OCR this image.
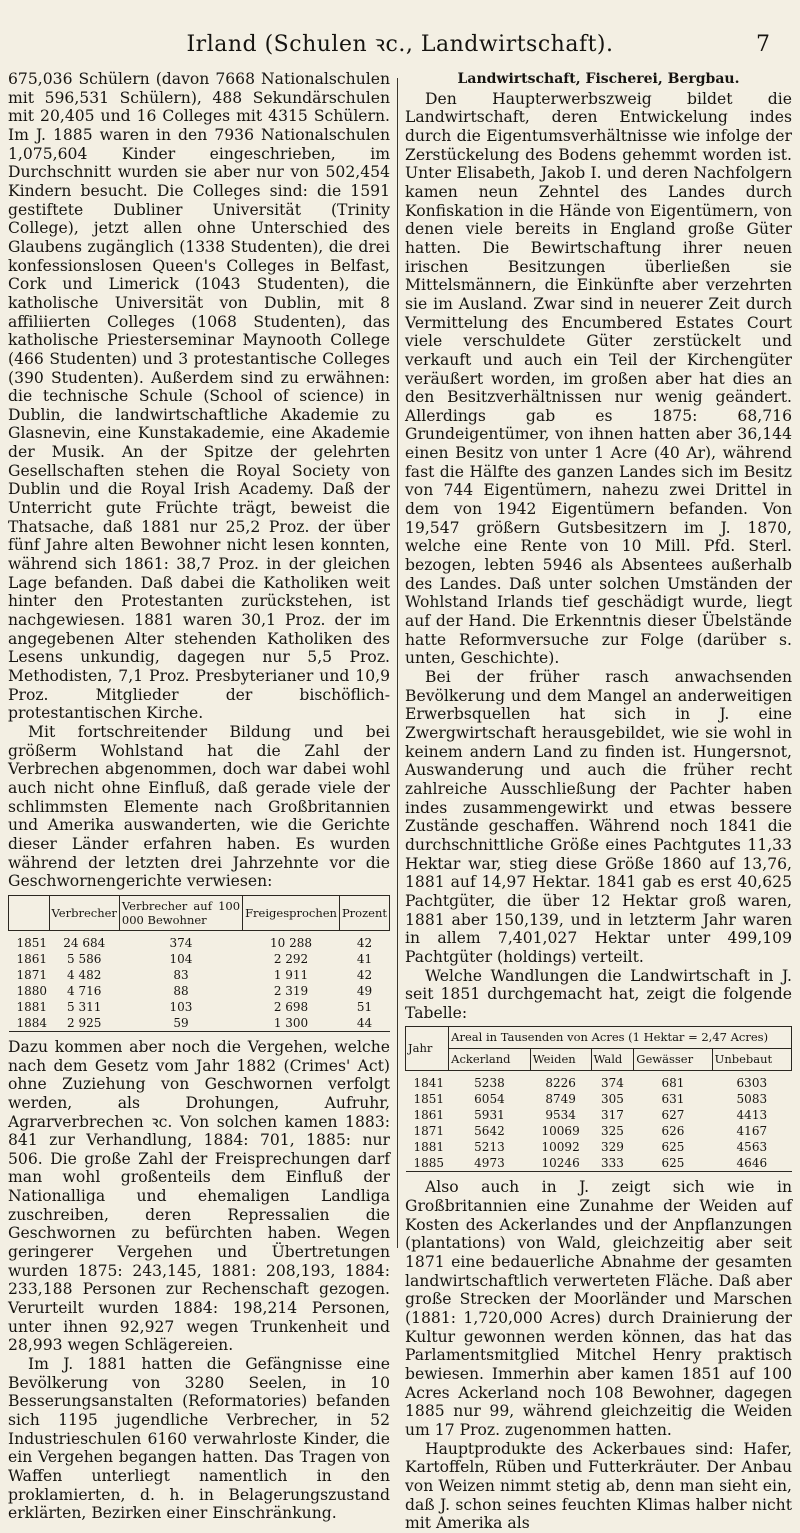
Irland (Schulen ꝛc., Landwirtschaft).	7

675,036 Schülern (davon 7668 Nationalschulen mit 596,531 Schülern), 488 Sekundärschulen mit 20,405 und 16 Colleges mit 4315 Schülern. Im J. 1885 waren in den 7936 Nationalschulen 1,075,604 Kinder eingeschrieben, im Durchschnitt wurden sie aber nur von 502,454 Kindern besucht. Die Colleges sind: die 1591 gestiftete Dubliner Universität (Trinity College), jetzt allen ohne Unterschied des Glaubens zugänglich (1338 Studenten), die drei konfessionslosen Queen's Colleges in Belfast, Cork und Limerick (1043 Studenten), die katholische Universität von Dublin, mit 8 affiliierten Colleges (1068 Studenten), das katholische Priesterseminar Maynooth College (466 Studenten) und 3 protestantische Colleges (390 Studenten). Außerdem sind zu erwähnen: die technische Schule (School of science) in Dublin, die landwirtschaftliche Akademie zu Glasnevin, eine Kunstakademie, eine Akademie der Musik. An der Spitze der gelehrten Gesellschaften stehen die Royal Society von Dublin und die Royal Irish Academy. Daß der Unterricht gute Früchte trägt, beweist die Thatsache, daß 1881 nur 25,2 Proz. der über fünf Jahre alten Bewohner nicht lesen konnten, während sich 1861: 38,7 Proz. in der gleichen Lage befanden. Daß dabei die Katholiken weit hinter den Protestanten zurückstehen, ist nachgewiesen. 1881 waren 30,1 Proz. der im angegebenen Alter stehenden Katholiken des Lesens unkundig, dagegen nur 5,5 Proz. Methodisten, 7,1 Proz. Presbyterianer und 10,9 Proz. Mitglieder der bischöflich-protestantischen Kirche.

Mit fortschreitender Bildung und bei größerm Wohlstand hat die Zahl der Verbrechen abgenommen, doch war dabei wohl auch nicht ohne Einfluß, daß gerade viele der schlimmsten Elemente nach Großbritannien und Amerika auswanderten, wie die Gerichte dieser Länder erfahren haben. Es wurden während der letzten drei Jahrzehnte vor die Geschwornengerichte verwiesen:

	Verbrecher	Verbrecher auf 100 000 Bewohner	Freigesprochen	Prozent
1851	24 684	374	10 288	42
1861	5 586	104	2 292	41
1871	4 482	83	1 911	42
1880	4 716	88	2 319	49
1881	5 311	103	2 698	51
1884	2 925	59	1 300	44

Dazu kommen aber noch die Vergehen, welche nach dem Gesetz vom Jahr 1882 (Crimes' Act) ohne Zuziehung von Geschwornen verfolgt werden, als Drohungen, Aufruhr, Agrarverbrechen ꝛc. Von solchen kamen 1883: 841 zur Verhandlung, 1884: 701, 1885: nur 506. Die große Zahl der Freisprechungen darf man wohl großenteils dem Einfluß der Nationalliga und ehemaligen Landliga zuschreiben, deren Repressalien die Geschwornen zu befürchten haben. Wegen geringerer Vergehen und Übertretungen wurden 1875: 243,145, 1881: 208,193, 1884: 233,188 Personen zur Rechenschaft gezogen. Verurteilt wurden 1884: 198,214 Personen, unter ihnen 92,927 wegen Trunkenheit und 28,993 wegen Schlägereien.

Im J. 1881 hatten die Gefängnisse eine Bevölkerung von 3280 Seelen, in 10 Besserungsanstalten (Reformatories) befanden sich 1195 jugendliche Verbrecher, in 52 Industrieschulen 6160 verwahrloste Kinder, die ein Vergehen begangen hatten. Das Tragen von Waffen unterliegt namentlich in den proklamierten, d. h. in Belagerungszustand erklärten, Bezirken einer Einschränkung.

Landwirtschaft, Fischerei, Bergbau.

Den Haupterwerbszweig bildet die Landwirtschaft, deren Entwickelung indes durch die Eigentumsverhältnisse wie infolge der Zerstückelung des Bodens gehemmt worden ist. Unter Elisabeth, Jakob I. und deren Nachfolgern kamen neun Zehntel des Landes durch Konfiskation in die Hände von Eigentümern, von denen viele bereits in England große Güter hatten. Die Bewirtschaftung ihrer neuen irischen Besitzungen überließen sie Mittelsmännern, die Einkünfte aber verzehrten sie im Ausland. Zwar sind in neuerer Zeit durch Vermittelung des Encumbered Estates Court viele verschuldete Güter zerstückelt und verkauft und auch ein Teil der Kirchengüter veräußert worden, im großen aber hat dies an den Besitzverhältnissen nur wenig geändert. Allerdings gab es 1875: 68,716 Grundeigentümer, von ihnen hatten aber 36,144 einen Besitz von unter 1 Acre (40 Ar), während fast die Hälfte des ganzen Landes sich im Besitz von 744 Eigentümern, nahezu zwei Drittel in dem von 1942 Eigentümern befanden. Von 19,547 größern Gutsbesitzern im J. 1870, welche eine Rente von 10 Mill. Pfd. Sterl. bezogen, lebten 5946 als Absentees außerhalb des Landes. Daß unter solchen Umständen der Wohlstand Irlands tief geschädigt wurde, liegt auf der Hand. Die Erkenntnis dieser Übelstände hatte Reformversuche zur Folge (darüber s. unten, Geschichte).

Bei der früher rasch anwachsenden Bevölkerung und dem Mangel an anderweitigen Erwerbsquellen hat sich in J. eine Zwergwirtschaft herausgebildet, wie sie wohl in keinem andern Land zu finden ist. Hungersnot, Auswanderung und auch die früher recht zahlreiche Ausschließung der Pachter haben indes zusammengewirkt und etwas bessere Zustände geschaffen. Während noch 1841 die durchschnittliche Größe eines Pachtgutes 11,33 Hektar war, stieg diese Größe 1860 auf 13,76, 1881 auf 14,97 Hektar. 1841 gab es erst 40,625 Pachtgüter, die über 12 Hektar groß waren, 1881 aber 150,139, und in letzterm Jahr waren in allem 7,401,027 Hektar unter 499,109 Pachtgüter (holdings) verteilt.

Welche Wandlungen die Landwirtschaft in J. seit 1851 durchgemacht hat, zeigt die folgende Tabelle:

Jahr	Areal in Tausenden von Acres (1 Hektar = 2,47 Acres)				
	Ackerland	Weiden	Wald	Gewässer	Unbebaut
1841	5238	8226	374	681	6303
1851	6054	8749	305	631	5083
1861	5931	9534	317	627	4413
1871	5642	10069	325	626	4167
1881	5213	10092	329	625	4563
1885	4973	10246	333	625	4646

Also auch in J. zeigt sich wie in Großbritannien eine Zunahme der Weiden auf Kosten des Ackerlandes und der Anpflanzungen (plantations) von Wald, gleichzeitig aber seit 1871 eine bedauerliche Abnahme der gesamten landwirtschaftlich verwerteten Fläche. Daß aber große Strecken der Moorländer und Marschen (1881: 1,720,000 Acres) durch Drainierung der Kultur gewonnen werden können, das hat das Parlamentsmitglied Mitchel Henry praktisch bewiesen. Immerhin aber kamen 1851 auf 100 Acres Ackerland noch 108 Bewohner, dagegen 1885 nur 99, während gleichzeitig die Weiden um 17 Proz. zugenommen hatten.

Hauptprodukte des Ackerbaues sind: Hafer, Kartoffeln, Rüben und Futterkräuter. Der Anbau von Weizen nimmt stetig ab, denn man sieht ein, daß J. schon seines feuchten Klimas halber nicht mit Amerika als
